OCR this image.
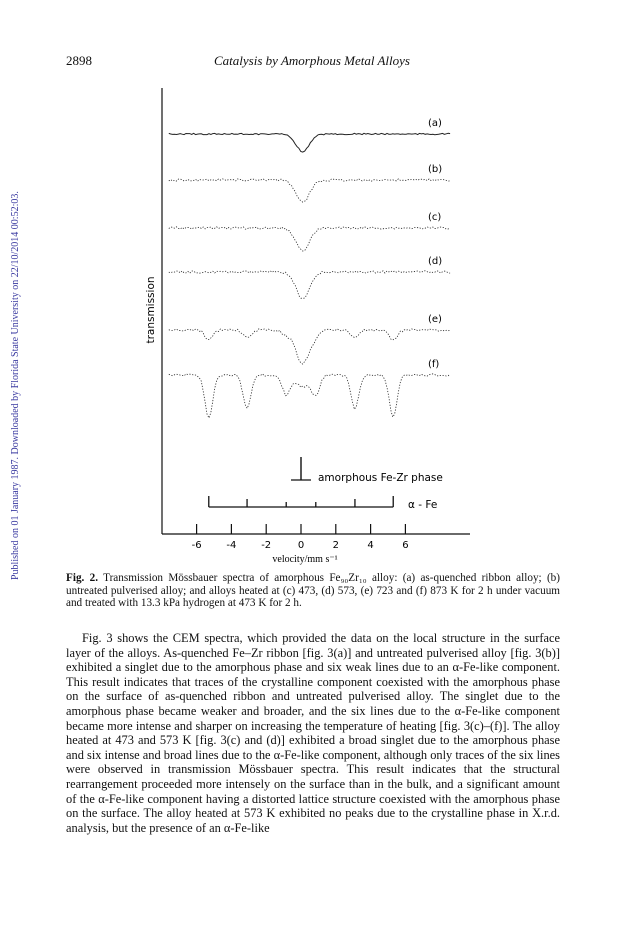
2898	Catalysis by Amorphous Metal Alloys
Published on 01 January 1987. Downloaded by Florida State University on 22/10/2014 00:52:03.	transmission
velocity/mm s⁻¹
-6 -4 -2	0	2	4	6
(a)
(b)
(c)
(d)
(e)
(f)
amorphous Fe-Zr phase
α - Fe
Fig. 2. Transmission Mössbauer spectra of amorphous Fe₉₀Zr₁₀ alloy: (a) as-quenched ribbon alloy; (b) untreated pulverised alloy; and alloys heated at (c) 473, (d) 573, (e) 723 and (f) 873 K for 2 h under vacuum and treated with 13.3 kPa hydrogen at 473 K for 2 h.

Fig. 3 shows the CEM spectra, which provided the data on the local structure in the surface layer of the alloys. As-quenched Fe–Zr ribbon [fig. 3(a)] and untreated pulverised alloy [fig. 3(b)] exhibited a singlet due to the amorphous phase and six weak lines due to an α-Fe-like component. This result indicates that traces of the crystalline component coexisted with the amorphous phase on the surface of as-quenched ribbon and untreated pulverised alloy. The singlet due to the amorphous phase became weaker and broader, and the six lines due to the α-Fe-like component became more intense and sharper on increasing the temperature of heating [fig. 3(c)–(f)]. The alloy heated at 473 and 573 K [fig. 3(c) and (d)] exhibited a broad singlet due to the amorphous phase and six intense and broad lines due to the α-Fe-like component, although only traces of the six lines were observed in transmission Mössbauer spectra. This result indicates that the structural rearrangement proceeded more intensely on the surface than in the bulk, and a significant amount of the α-Fe-like component having a distorted lattice structure coexisted with the amorphous phase on the surface. The alloy heated at 573 K exhibited no peaks due to the crystalline phase in X.r.d. analysis, but the presence of an α-Fe-like
